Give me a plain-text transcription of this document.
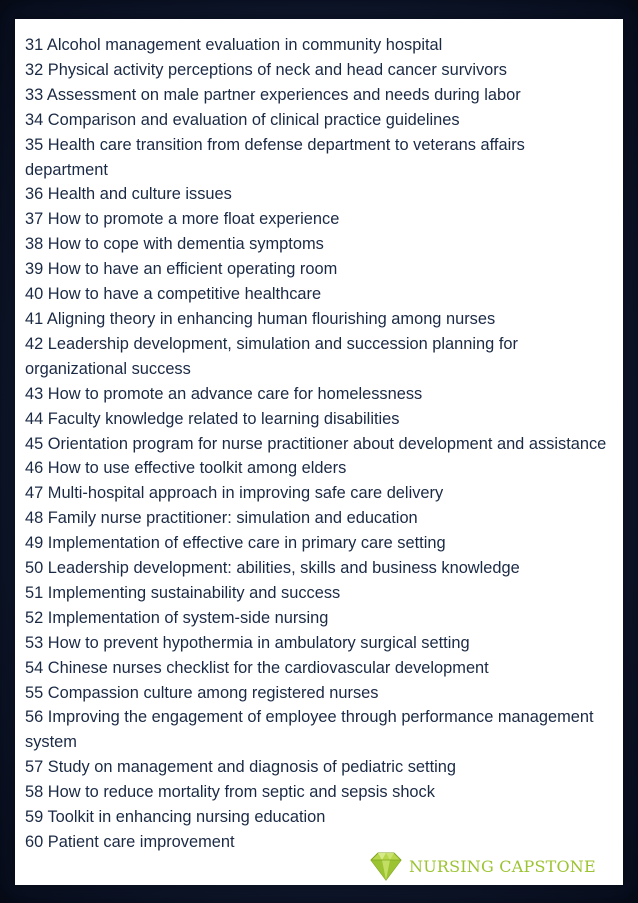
31 Alcohol management evaluation in community hospital
32 Physical activity perceptions of neck and head cancer survivors
33 Assessment on male partner experiences and needs during labor
34 Comparison and evaluation of clinical practice guidelines
35 Health care transition from defense department to veterans affairs department
36 Health and culture issues
37 How to promote a more float experience
38 How to cope with dementia symptoms
39 How to have an efficient operating room
40 How to have a competitive healthcare
41 Aligning theory in enhancing human flourishing among nurses
42 Leadership development, simulation and succession planning for organizational success
43 How to promote an advance care for homelessness
44 Faculty knowledge related to learning disabilities
45 Orientation program for nurse practitioner about development and assistance
46 How to use effective toolkit among elders
47 Multi-hospital approach in improving safe care delivery
48 Family nurse practitioner: simulation and education
49 Implementation of effective care in primary care setting
50 Leadership development: abilities, skills and business knowledge
51 Implementing sustainability and success
52 Implementation of system-side nursing
53 How to prevent hypothermia in ambulatory surgical setting
54 Chinese nurses checklist for the cardiovascular development
55 Compassion culture among registered nurses
56 Improving the engagement of employee through performance management system
57 Study on management and diagnosis of pediatric setting
58 How to reduce mortality from septic and sepsis shock
59 Toolkit in enhancing nursing education
60 Patient care improvement
NURSING CAPSTONE
